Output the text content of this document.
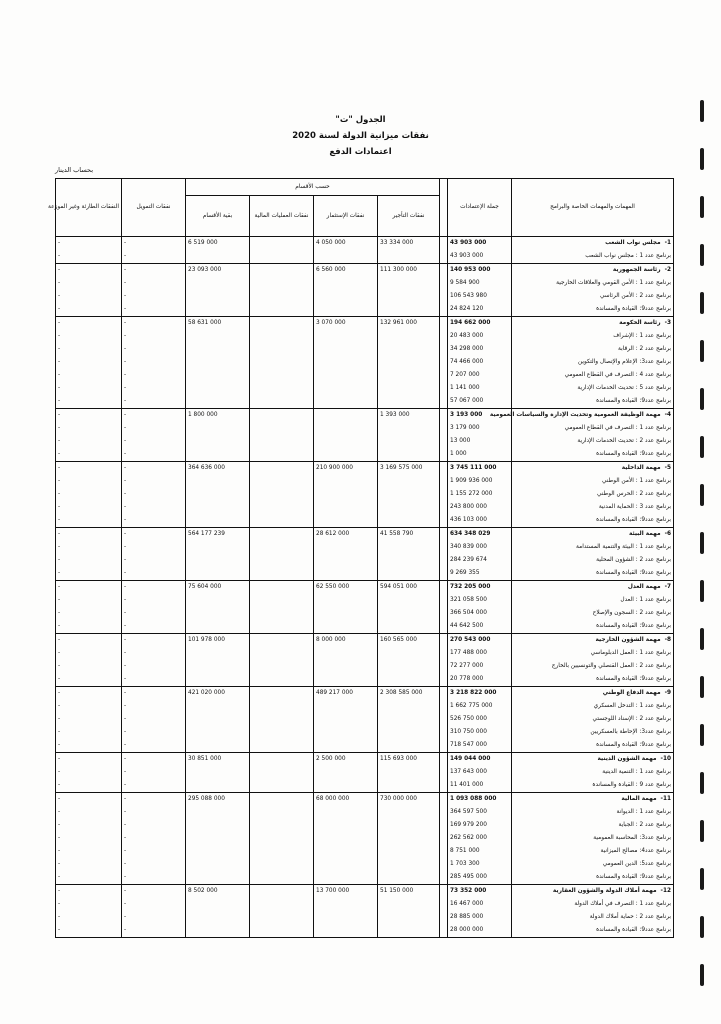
الجدول "ت"
نفقات ميزانية الدولة لسنة 2020
اعتمادات الدفع
بحساب الدينار
المهمات والمهمات الخاصة والبرامج	جملة الإعتمادات		حسب الأقسام				نفقات التمويل	النفقات الطارئة وغير الموزعة
			نفقات التأجير	نفقات الإستثمار	نفقات العمليات المالية	بقية الأقسام		
1-مجلس نواب الشعب	43 903 000		33 334 000	4 050 000		6 519 000	-	-
برنامج عدد 1 : مجلس نواب الشعب	43 903 000						-	-
2-رئاسة الجمهورية	140 953 000		111 300 000	6 560 000		23 093 000	-	-
برنامج عدد 1 : الأمن القومي والعلاقات الخارجية	9 584 900						-	-
برنامج عدد 2 : الأمن الرئاسي	106 543 980						-	-
برنامج عدد9: القيادة والمساندة	24 824 120						-	-
3-رئاسة الحكومة	194 662 000		132 961 000	3 070 000		58 631 000	-	-
برنامج عدد 1 : الإشراف	20 483 000						-	-
برنامج عدد 2 : الرقابة	34 298 000						-	-
برنامج عدد3: الإعلام والإتصال والتكوين	74 466 000						-	-
برنامج عدد 4 : التصرف في القطاع العمومي	7 207 000						-	-
برنامج عدد 5 : تحديث الخدمات الإدارية	1 141 000						-	-
برنامج عدد9: القيادة والمساندة	57 067 000						-	-
4-مهمة الوظيفة العمومية وتحديث الإدارة والسياسات العمومية	3 193 000		1 393 000			1 800 000	-	-
برنامج عدد 1 : التصرف في القطاع العمومي	3 179 000						-	-
برنامج عدد 2 : تحديث الخدمات الإدارية	13 000						-	-
برنامج عدد9: القيادة والمساندة	1 000						-	-
5-مهمة الداخلية	3 745 111 000		3 169 575 000	210 900 000		364 636 000	-	-
برنامج عدد 1 : الأمن الوطني	1 909 936 000						-	-
برنامج عدد 2 : الحرس الوطني	1 155 272 000						-	-
برنامج عدد 3 : الحماية المدنية	243 800 000						-	-
برنامج عدد9: القيادة والمساندة	436 103 000						-	-
6-مهمة البيئة	634 348 029		41 558 790	28 612 000		564 177 239	-	-
برنامج عدد 1 : البيئة والتنمية المستدامة	340 839 000						-	-
برنامج عدد 2 : الشؤون المحلية	284 239 674						-	-
برنامج عدد9: القيادة والمساندة	9 269 355						-	-
7-مهمة العدل	732 205 000		594 051 000	62 550 000		75 604 000	-	-
برنامج عدد 1 : العدل	321 058 500						-	-
برنامج عدد 2 : السجون والإصلاح	366 504 000						-	-
برنامج عدد9: القيادة والمساندة	44 642 500						-	-
8-مهمة الشؤون الخارجية	270 543 000		160 565 000	8 000 000		101 978 000	-	-
برنامج عدد 1 : العمل الدبلوماسي	177 488 000						-	-
برنامج عدد 2 : العمل القنصلي والتونسيين بالخارج	72 277 000						-	-
برنامج عدد9: القيادة والمساندة	20 778 000						-	-
9-مهمة الدفاع الوطني	3 218 822 000		2 308 585 000	489 217 000		421 020 000	-	-
برنامج عدد 1 : التدخل العسكري	1 662 775 000						-	-
برنامج عدد 2 : الإسناد اللوجستي	526 750 000						-	-
برنامج عدد3: الإحاطة بالعسكريين	310 750 000						-	-
برنامج عدد9: القيادة والمساندة	718 547 000						-	-
10-مهمة الشؤون الدينية	149 044 000		115 693 000	2 500 000		30 851 000	-	-
برنامج عدد 1 : التنمية الدينية	137 643 000						-	-
برنامج عدد 9 : القيادة والمساندة	11 401 000						-	-
11-مهمة المالية	1 093 088 000		730 000 000	68 000 000		295 088 000	-	-
برنامج عدد 1 : الديوانة	364 597 500						-	-
برنامج عدد 2 : الجباية	169 979 200						-	-
برنامج عدد3: المحاسبة العمومية	262 562 000						-	-
برنامج عدد4: مصالح الميزانية	8 751 000						-	-
برنامج عدد5: الدين العمومي	1 703 300						-	-
برنامج عدد9: القيادة والمساندة	285 495 000						-	-
12-مهمة أملاك الدولة والشؤون العقارية	73 352 000		51 150 000	13 700 000		8 502 000	-	-
برنامج عدد 1 : التصرف في أملاك الدولة	16 467 000						-	-
برنامج عدد 2 : حماية أملاك الدولة	28 885 000						-	-
برنامج عدد9: القيادة والمساندة	28 000 000						-	-
